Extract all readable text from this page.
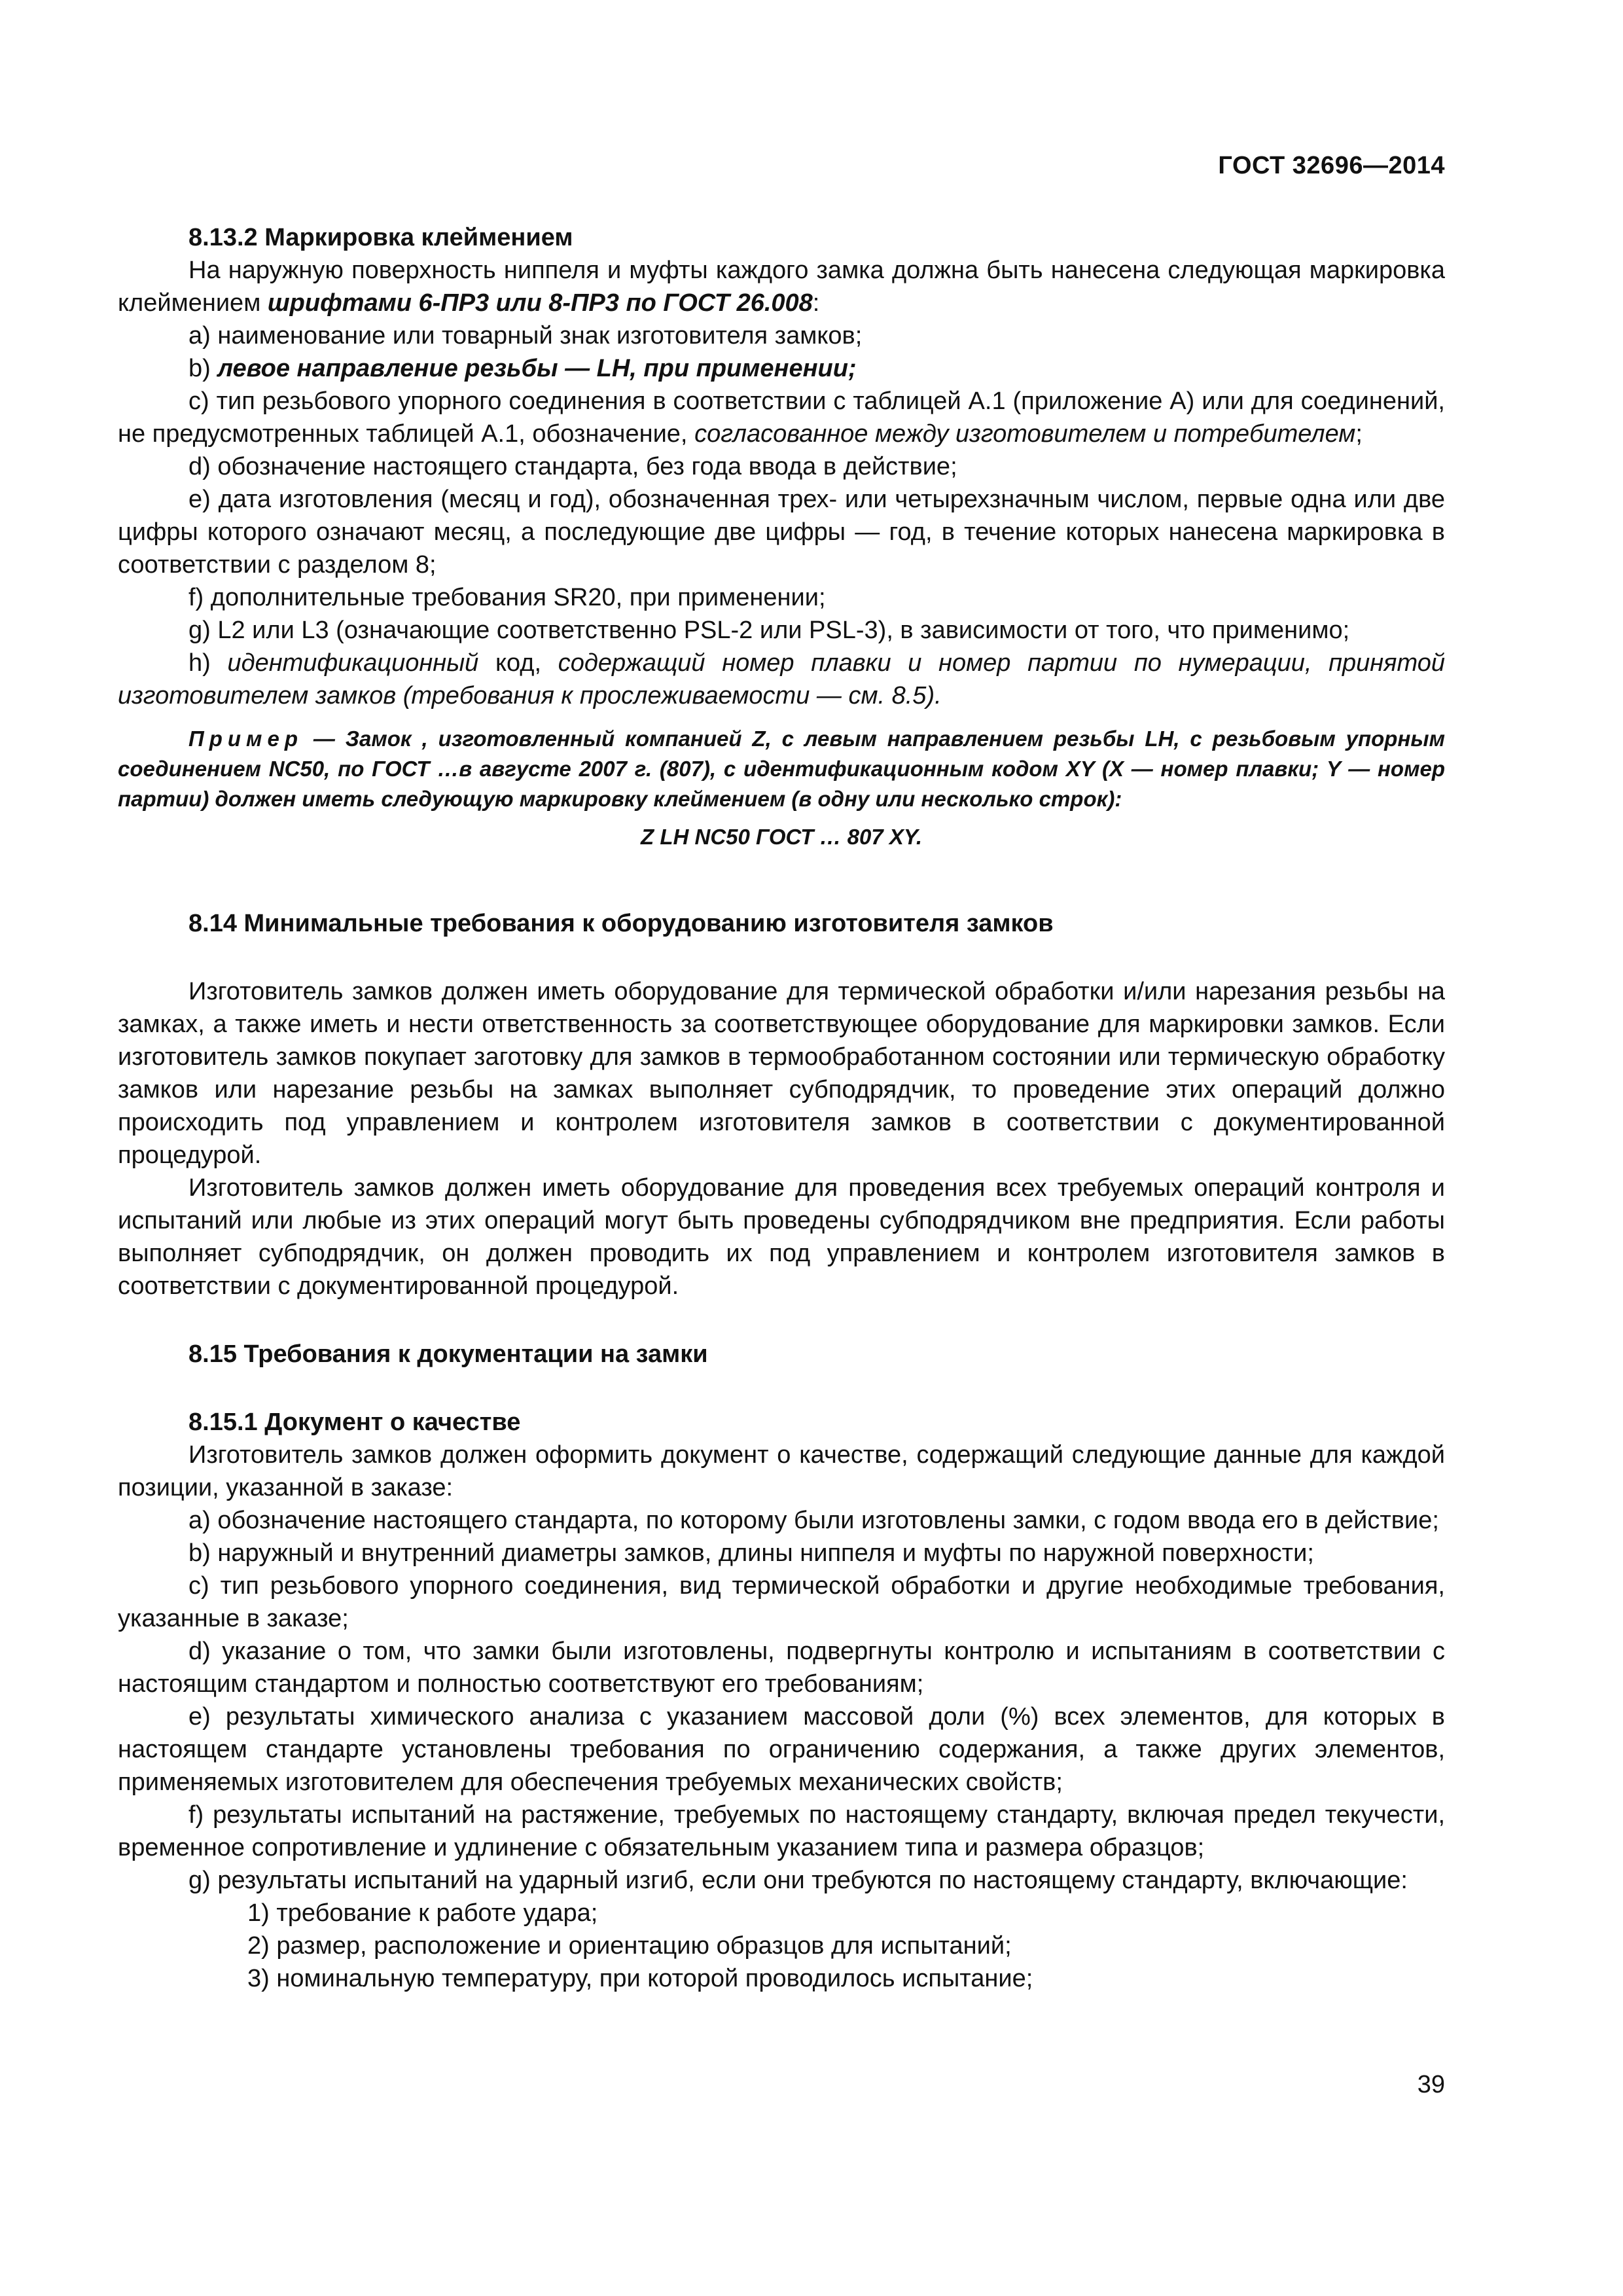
ГОСТ 32696—2014

8.13.2 Маркировка клеймением

На наружную поверхность ниппеля и муфты каждого замка должна быть нанесена следующая маркировка клеймением шрифтами 6-ПР3 или 8-ПР3 по ГОСТ 26.008:

а) наименование или товарный знак изготовителя замков;

b) левое направление резьбы — LH, при применении;

с) тип резьбового упорного соединения в соответствии с таблицей А.1 (приложение А) или для соединений, не предусмотренных таблицей А.1, обозначение, согласованное между изготовителем и потребителем;

d) обозначение настоящего стандарта, без года ввода в действие;

е) дата изготовления (месяц и год), обозначенная трех- или четырехзначным числом, первые одна или две цифры которого означают месяц, а последующие две цифры — год, в течение которых нанесена маркировка в соответствии с разделом 8;

f) дополнительные требования SR20, при применении;

g) L2 или L3 (означающие соответственно PSL-2 или PSL-3), в зависимости от того, что применимо;

h) идентификационный код, содержащий номер плавки и номер партии по нумерации, принятой изготовителем замков (требования к прослеживаемости — см. 8.5).

Пример — Замок , изготовленный компанией Z, с левым направлением резьбы LH, с резьбовым упорным соединением NC50, по ГОСТ …в августе 2007 г. (807), с идентификационным кодом XY (X — номер плавки; Y — номер партии) должен иметь следующую маркировку клеймением (в одну или несколько строк):

Z LH NC50 ГОСТ … 807 XY.

8.14 Минимальные требования к оборудованию изготовителя замков

Изготовитель замков должен иметь оборудование для термической обработки и/или нарезания резьбы на замках, а также иметь и нести ответственность за соответствующее оборудование для маркировки замков. Если изготовитель замков покупает заготовку для замков в термообработанном состоянии или термическую обработку замков или нарезание резьбы на замках выполняет субподрядчик, то проведение этих операций должно происходить под управлением и контролем изготовителя замков в соответствии с документированной процедурой.

Изготовитель замков должен иметь оборудование для проведения всех требуемых операций контроля и испытаний или любые из этих операций могут быть проведены субподрядчиком вне предприятия. Если работы выполняет субподрядчик, он должен проводить их под управлением и контролем изготовителя замков в соответствии с документированной процедурой.

8.15 Требования к документации на замки

8.15.1 Документ о качестве

Изготовитель замков должен оформить документ о качестве, содержащий следующие данные для каждой позиции, указанной в заказе:

а) обозначение настоящего стандарта, по которому были изготовлены замки, с годом ввода его в действие;

b) наружный и внутренний диаметры замков, длины ниппеля и муфты по наружной поверхности;

с) тип резьбового упорного соединения, вид термической обработки и другие необходимые требования, указанные в заказе;

d) указание о том, что замки были изготовлены, подвергнуты контролю и испытаниям в соответствии с настоящим стандартом и полностью соответствуют его требованиям;

е) результаты химического анализа с указанием массовой доли (%) всех элементов, для которых в настоящем стандарте установлены требования по ограничению содержания, а также других элементов, применяемых изготовителем для обеспечения требуемых механических свойств;

f) результаты испытаний на растяжение, требуемых по настоящему стандарту, включая предел текучести, временное сопротивление и удлинение с обязательным указанием типа и размера образцов;

g) результаты испытаний на ударный изгиб, если они требуются по настоящему стандарту, включающие:

1) требование к работе удара;

2) размер, расположение и ориентацию образцов для испытаний;

3) номинальную температуру, при которой проводилось испытание;

39
